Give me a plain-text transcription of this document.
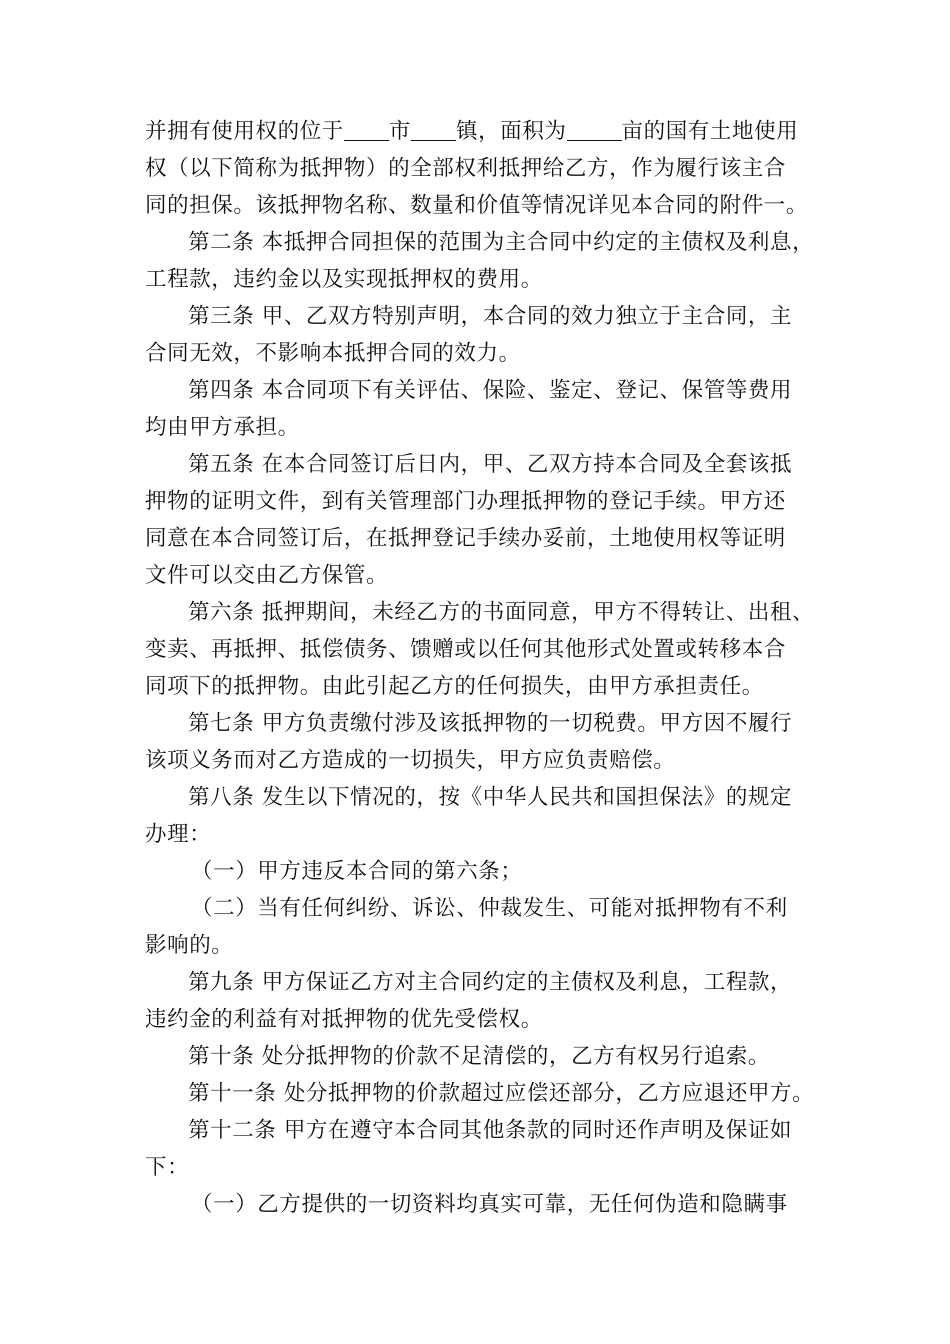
并拥有使用权的位于 市 镇，面积为	亩的国有土地使用
权（以下简称为抵押物）的全部权利抵押给乙方，作为履行该主合
同的担保。该抵押物名称、数量和价值等情况详见本合同的附件一。
第二条 本抵押合同担保的范围为主合同中约定的主债权及利息，
工程款，违约金以及实现抵押权的费用。
第三条 甲、乙双方特别声明，本合同的效力独立于主合同，主
合同无效，不影响本抵押合同的效力。
第四条 本合同项下有关评估、保险、鉴定、登记、保管等费用
均由甲方承担。
第五条 在本合同签订后日内，甲、乙双方持本合同及全套该抵
押物的证明文件，到有关管理部门办理抵押物的登记手续。甲方还
同意在本合同签订后，在抵押登记手续办妥前，土地使用权等证明
文件可以交由乙方保管。
第六条 抵押期间，未经乙方的书面同意，甲方不得转让、出租、
变卖、再抵押、抵偿债务、馈赠或以任何其他形式处置或转移本合
同项下的抵押物。由此引起乙方的任何损失，由甲方承担责任。
第七条 甲方负责缴付涉及该抵押物的一切税费。甲方因不履行
该项义务而对乙方造成的一切损失，甲方应负责赔偿。
第八条 发生以下情况的，按《中华人民共和国担保法》的规定
办理：
（一）甲方违反本合同的第六条；
（二）当有任何纠纷、诉讼、仲裁发生、可能对抵押物有不利
影响的。
第九条 甲方保证乙方对主合同约定的主债权及利息，工程款，
违约金的利益有对抵押物的优先受偿权。
第十条 处分抵押物的价款不足清偿的，乙方有权另行追索。
第十一条 处分抵押物的价款超过应偿还部分，乙方应退还甲方。
第十二条 甲方在遵守本合同其他条款的同时还作声明及保证如
下：
（一）乙方提供的一切资料均真实可靠，无任何伪造和隐瞒事
